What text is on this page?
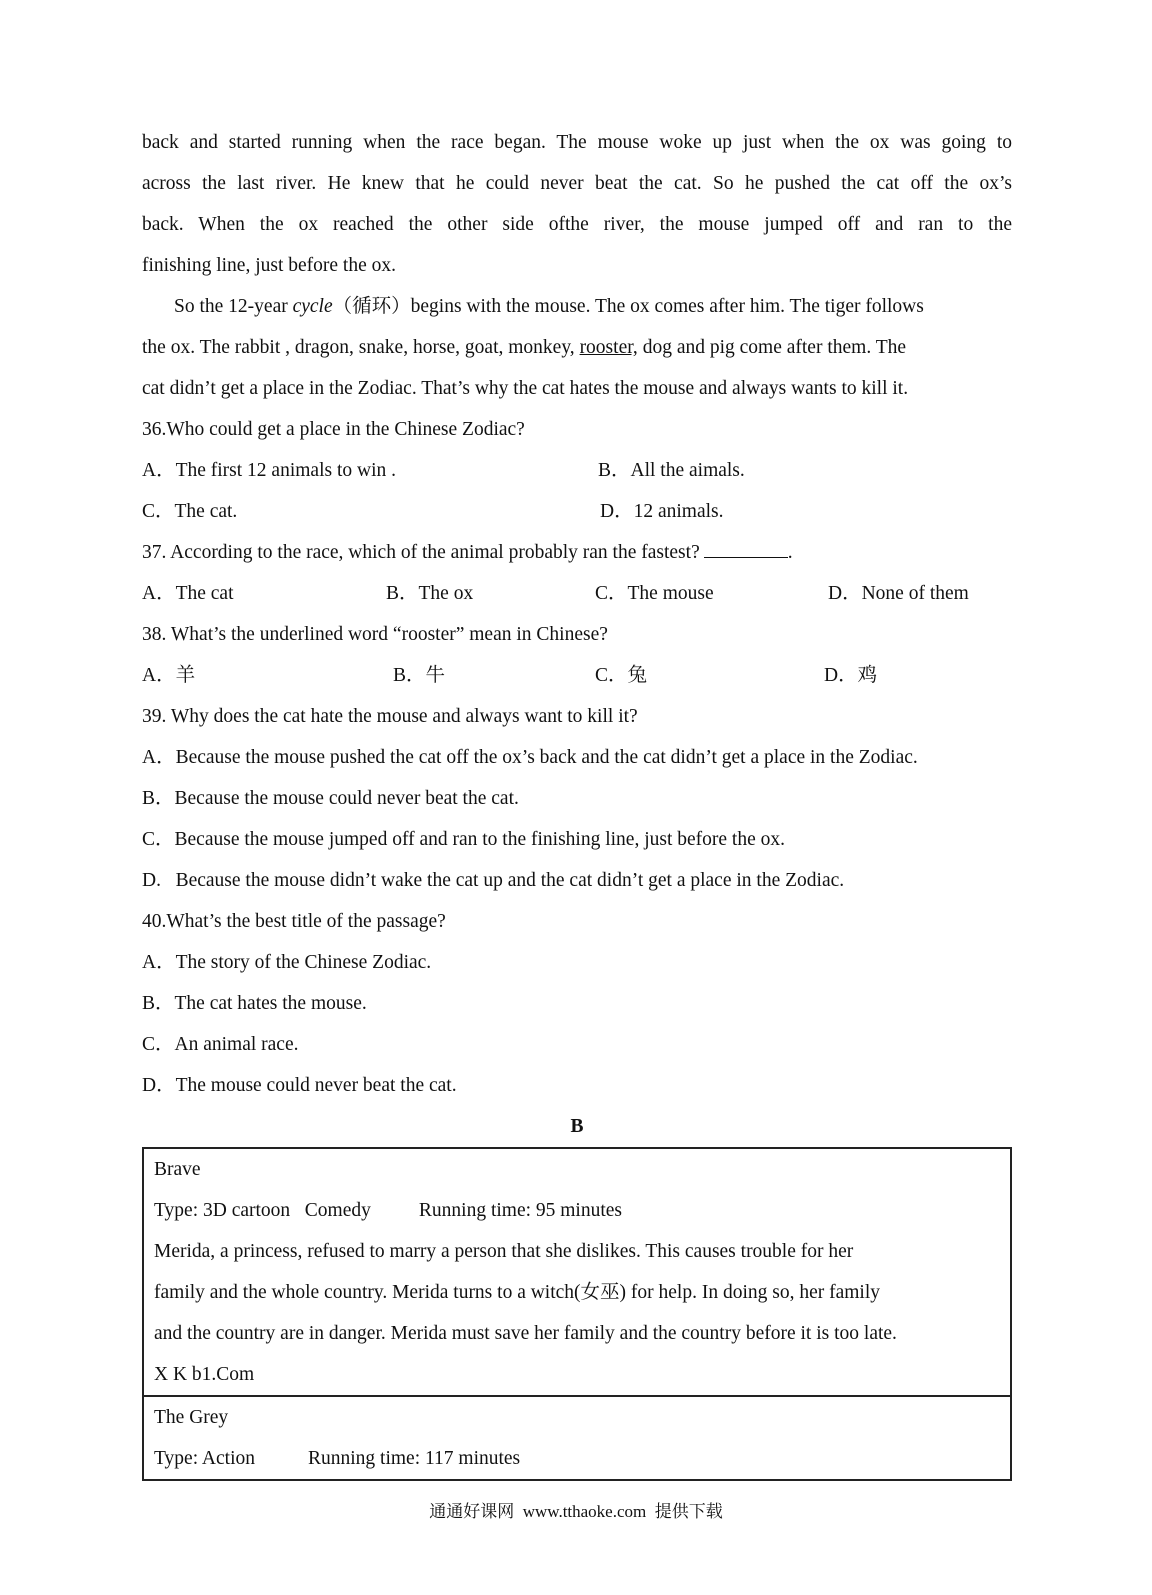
back and started running when the race began. The mouse woke up just when the ox was going to
across the last river. He knew that he could never beat the cat. So he pushed the cat off the ox’s
back. When the ox reached the other side ofthe river, the mouse jumped off and ran to the
finishing line, just before the ox.
So the 12-year cycle（循环）begins with the mouse. The ox comes after him. The tiger follows
the ox. The rabbit , dragon, snake, horse, goat, monkey, rooster, dog and pig come after them. The
cat didn’t get a place in the Zodiac. That’s why the cat hates the mouse and always wants to kill it.
36.Who could get a place in the Chinese Zodiac?
A．The first 12 animals to win .	B．All the aimals.
C．The cat.	D．12 animals.
37. According to the race, which of the animal probably ran the fastest?	.
A．The cat	B．The ox	C．The mouse	D．None of them
38. What’s the underlined word “rooster” mean in Chinese?
A．羊	B．牛	C．兔	D．鸡
39. Why does the cat hate the mouse and always want to kill it?
A．Because the mouse pushed the cat off the ox’s back and the cat didn’t get a place in the Zodiac.
B．Because the mouse could never beat the cat.
C．Because the mouse jumped off and ran to the finishing line, just before the ox.
D.   Because the mouse didn’t wake the cat up and the cat didn’t get a place in the Zodiac.
40.What’s the best title of the passage?
A．The story of the Chinese Zodiac.
B．The cat hates the mouse.
C．An animal race.
D．The mouse could never beat the cat.
B
Brave
Type: 3D cartoon   Comedy Running time: 95 minutes
Merida, a princess, refused to marry a person that she dislikes. This causes trouble for her
family and the whole country. Merida turns to a witch(女巫) for help. In doing so, her family
and the country are in danger. Merida must save her family and the country before it is too late.
X K b1.Com
The Grey
Type: Action	Running time: 117 minutes
通通好课网  www.tthaoke.com  提供下载
